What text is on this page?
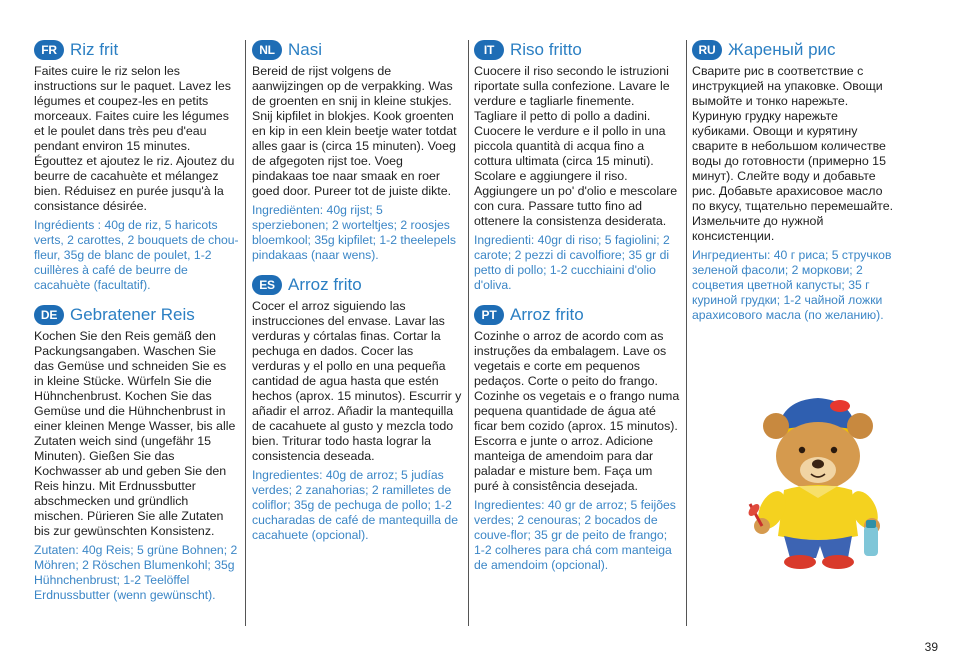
FR Riz frit

Faites cuire le riz selon les instructions sur le paquet. Lavez les légumes et coupez-les en petits morceaux. Faites cuire les légumes et le poulet dans très peu d'eau pendant environ 15 minutes. Égouttez et ajoutez le riz. Ajoutez du beurre de cacahuète et mélangez bien. Réduisez en purée jusqu'à la consistance désirée.

Ingrédients : 40g de riz, 5 haricots verts, 2 carottes, 2 bouquets de chou-fleur, 35g de blanc de poulet, 1-2 cuillères à café de beurre de cacahuète (facultatif).

DE Gebratener Reis

Kochen Sie den Reis gemäß den Packungsangaben. Waschen Sie das Gemüse und schneiden Sie es in kleine Stücke. Würfeln Sie die Hühnchenbrust. Kochen Sie das Gemüse und die Hühnchenbrust in einer kleinen Menge Wasser, bis alle Zutaten weich sind (ungefähr 15 Minuten). Gießen Sie das Kochwasser ab und geben Sie den Reis hinzu. Mit Erdnussbutter abschmecken und gründlich mischen. Pürieren Sie alle Zutaten bis zur gewünschten Konsistenz.

Zutaten: 40g Reis; 5 grüne Bohnen; 2 Möhren; 2 Röschen Blumenkohl; 35g Hühnchenbrust; 1-2 Teelöffel Erdnussbutter (wenn gewünscht).

NL Nasi

Bereid de rijst volgens de aanwijzingen op de verpakking. Was de groenten en snij in kleine stukjes. Snij kipfilet in blokjes. Kook groenten en kip in een klein beetje water totdat alles gaar is (circa 15 minuten). Voeg de afgegoten rijst toe. Voeg pindakaas toe naar smaak en roer goed door. Pureer tot de juiste dikte.

Ingrediënten: 40g rijst; 5 sperziebonen; 2 worteltjes; 2 roosjes bloemkool; 35g kipfilet; 1-2 theelepels pindakaas (naar wens).

ES Arroz frito

Cocer el arroz siguiendo las instrucciones del envase. Lavar las verduras y córtalas finas. Cortar la pechuga en dados. Cocer las verduras y el pollo en una pequeña cantidad de agua hasta que estén hechos (aprox. 15 minutos). Escurrir y añadir el arroz. Añadir la mantequilla de cacahuete al gusto y mezcla todo bien. Triturar todo hasta lograr la consistencia deseada.

Ingredientes: 40g de arroz; 5 judías verdes; 2 zanahorias; 2 ramilletes de coliflor; 35g de pechuga de pollo; 1-2 cucharadas de café de mantequilla de cacahuete (opcional).

IT Riso fritto

Cuocere il riso secondo le istruzioni riportate sulla confezione. Lavare le verdure e tagliarle finemente. Tagliare il petto di pollo a dadini. Cuocere le verdure e il pollo in una piccola quantità di acqua fino a cottura ultimata (circa 15 minuti). Scolare e aggiungere il riso. Aggiungere un po' d'olio e mescolare con cura. Passare tutto fino ad ottenere la consistenza desiderata.

Ingredienti: 40gr di riso; 5 fagiolini; 2 carote; 2 pezzi di cavolfiore; 35 gr di petto di pollo; 1-2 cucchiaini d'olio d'oliva.

PT Arroz frito

Cozinhe o arroz de acordo com as instruções da embalagem. Lave os vegetais e corte em pequenos pedaços. Corte o peito do frango. Cozinhe os vegetais e o frango numa pequena quantidade de água até ficar bem cozido (aprox. 15 minutos). Escorra e junte o arroz. Adicione manteiga de amendoim para dar paladar e misture bem. Faça um puré à consistência desejada.

Ingredientes: 40 gr de arroz; 5 feijões verdes; 2 cenouras; 2 bocados de couve-flor; 35 gr de peito de frango; 1-2 colheres para chá com manteiga de amendoim (opcional).

RU Жареный рис

Сварите рис в соответствие с инструкцией на упаковке. Овощи вымойте и тонко нарежьте. Куриную грудку нарежьте кубиками. Овощи и курятину сварите в небольшом количестве воды до готовности (примерно 15 минут). Слейте воду и добавьте рис. Добавьте арахисовое масло по вкусу, тщательно перемешайте. Измельчите до нужной консистенции.

Ингредиенты: 40 г риса; 5 стручков зеленой фасоли; 2 моркови; 2 соцветия цветной капусты; 35 г куриной грудки; 1-2 чайной ложки арахисового масла (по желанию).

39
